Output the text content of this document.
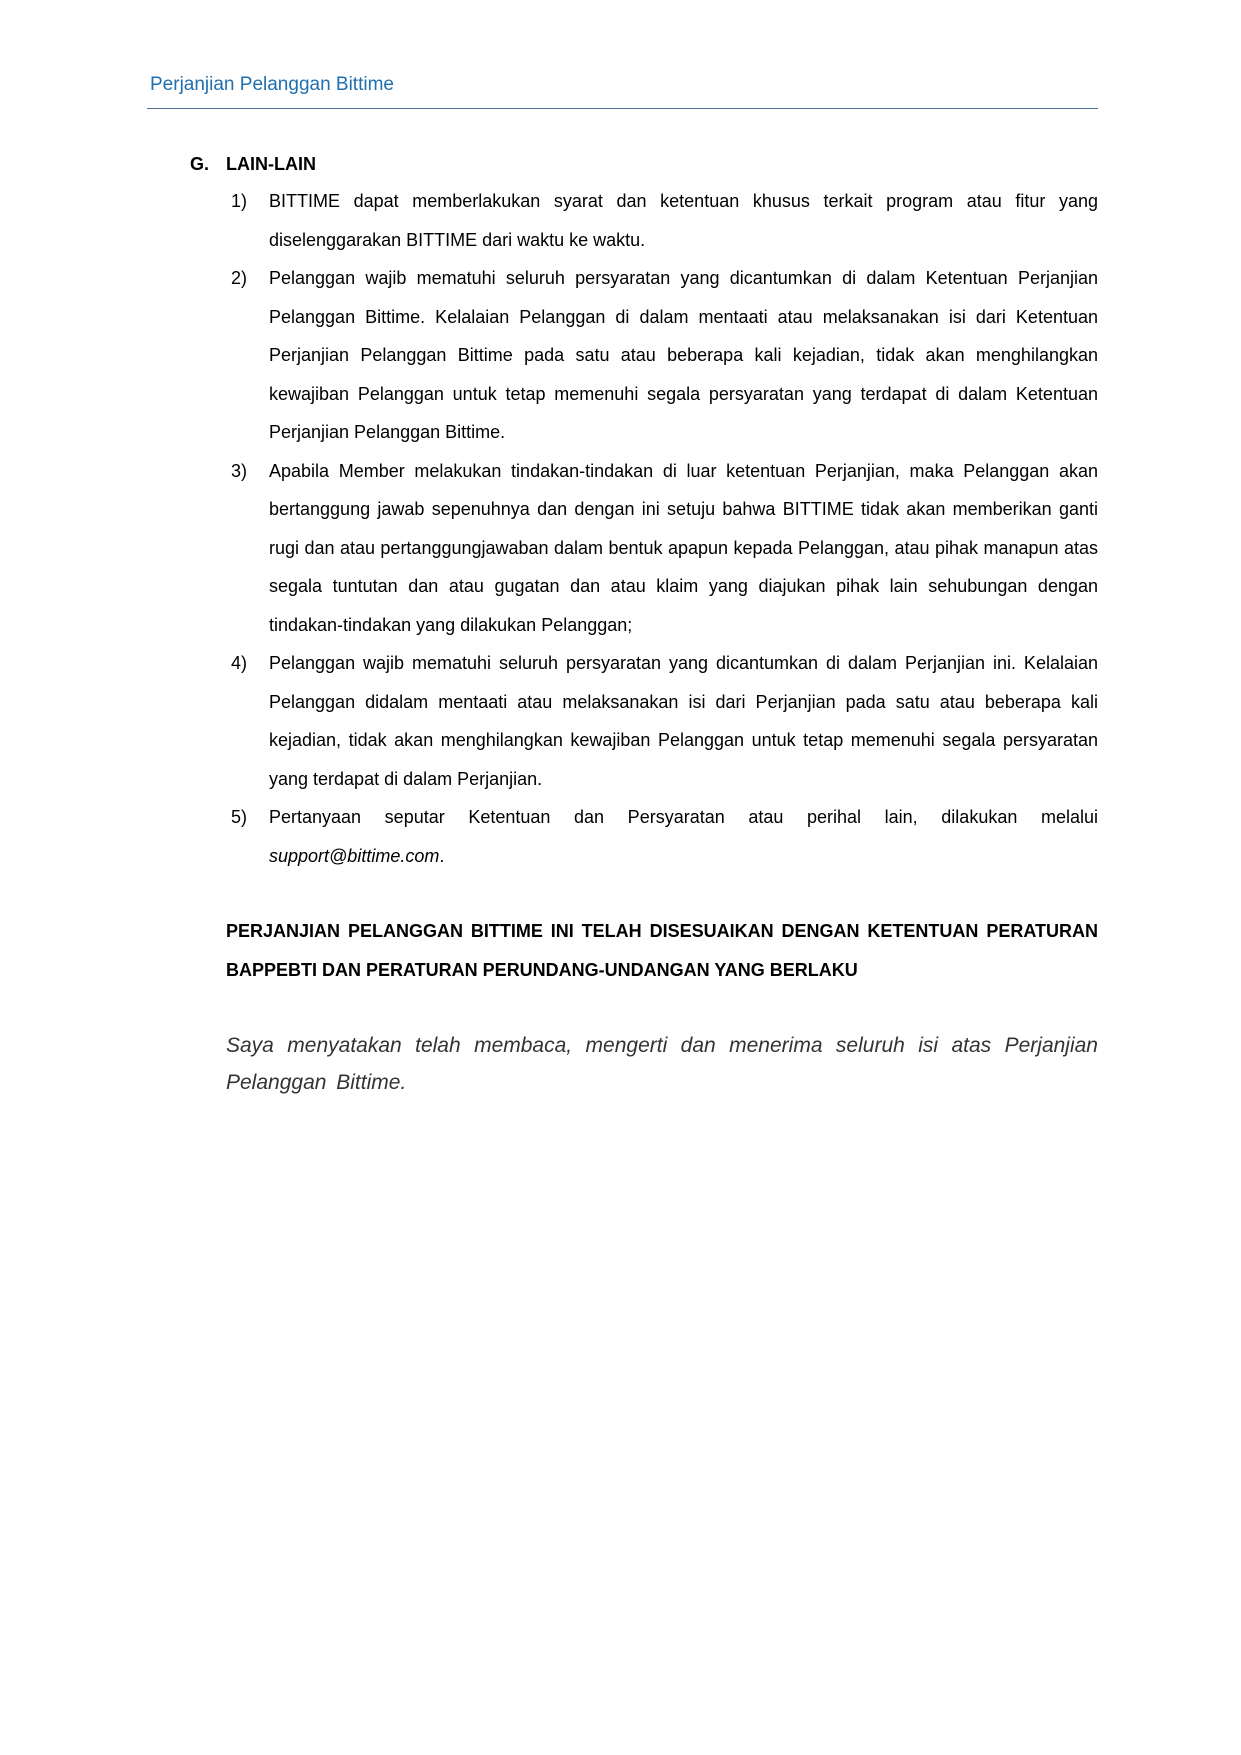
Perjanjian Pelanggan Bittime
G. LAIN-LAIN
1)	BITTIME dapat memberlakukan syarat dan ketentuan khusus terkait program atau fitur yang diselenggarakan BITTIME dari waktu ke waktu.
2)	Pelanggan wajib mematuhi seluruh persyaratan yang dicantumkan di dalam Ketentuan Perjanjian Pelanggan Bittime. Kelalaian Pelanggan di dalam mentaati atau melaksanakan isi dari Ketentuan Perjanjian Pelanggan Bittime pada satu atau beberapa kali kejadian, tidak akan menghilangkan kewajiban Pelanggan untuk tetap memenuhi segala persyaratan yang terdapat di dalam Ketentuan Perjanjian Pelanggan Bittime.
3)	Apabila Member melakukan tindakan-tindakan di luar ketentuan Perjanjian, maka Pelanggan akan bertanggung jawab sepenuhnya dan dengan ini setuju bahwa BITTIME tidak akan memberikan ganti rugi dan atau pertanggungjawaban dalam bentuk apapun kepada Pelanggan, atau pihak manapun atas segala tuntutan dan atau gugatan dan atau klaim yang diajukan pihak lain sehubungan dengan tindakan-tindakan yang dilakukan Pelanggan;
4)	Pelanggan wajib mematuhi seluruh persyaratan yang dicantumkan di dalam Perjanjian ini. Kelalaian Pelanggan didalam mentaati atau melaksanakan isi dari Perjanjian pada satu atau beberapa kali kejadian, tidak akan menghilangkan kewajiban Pelanggan untuk tetap memenuhi segala persyaratan yang terdapat di dalam Perjanjian.
5)	Pertanyaan seputar Ketentuan dan Persyaratan atau perihal lain, dilakukan melalui support@bittime.com.
PERJANJIAN PELANGGAN BITTIME INI TELAH DISESUAIKAN DENGAN KETENTUAN PERATURAN BAPPEBTI DAN PERATURAN PERUNDANG-UNDANGAN YANG BERLAKU
Saya menyatakan telah membaca, mengerti dan menerima seluruh isi atas Perjanjian Pelanggan Bittime.
